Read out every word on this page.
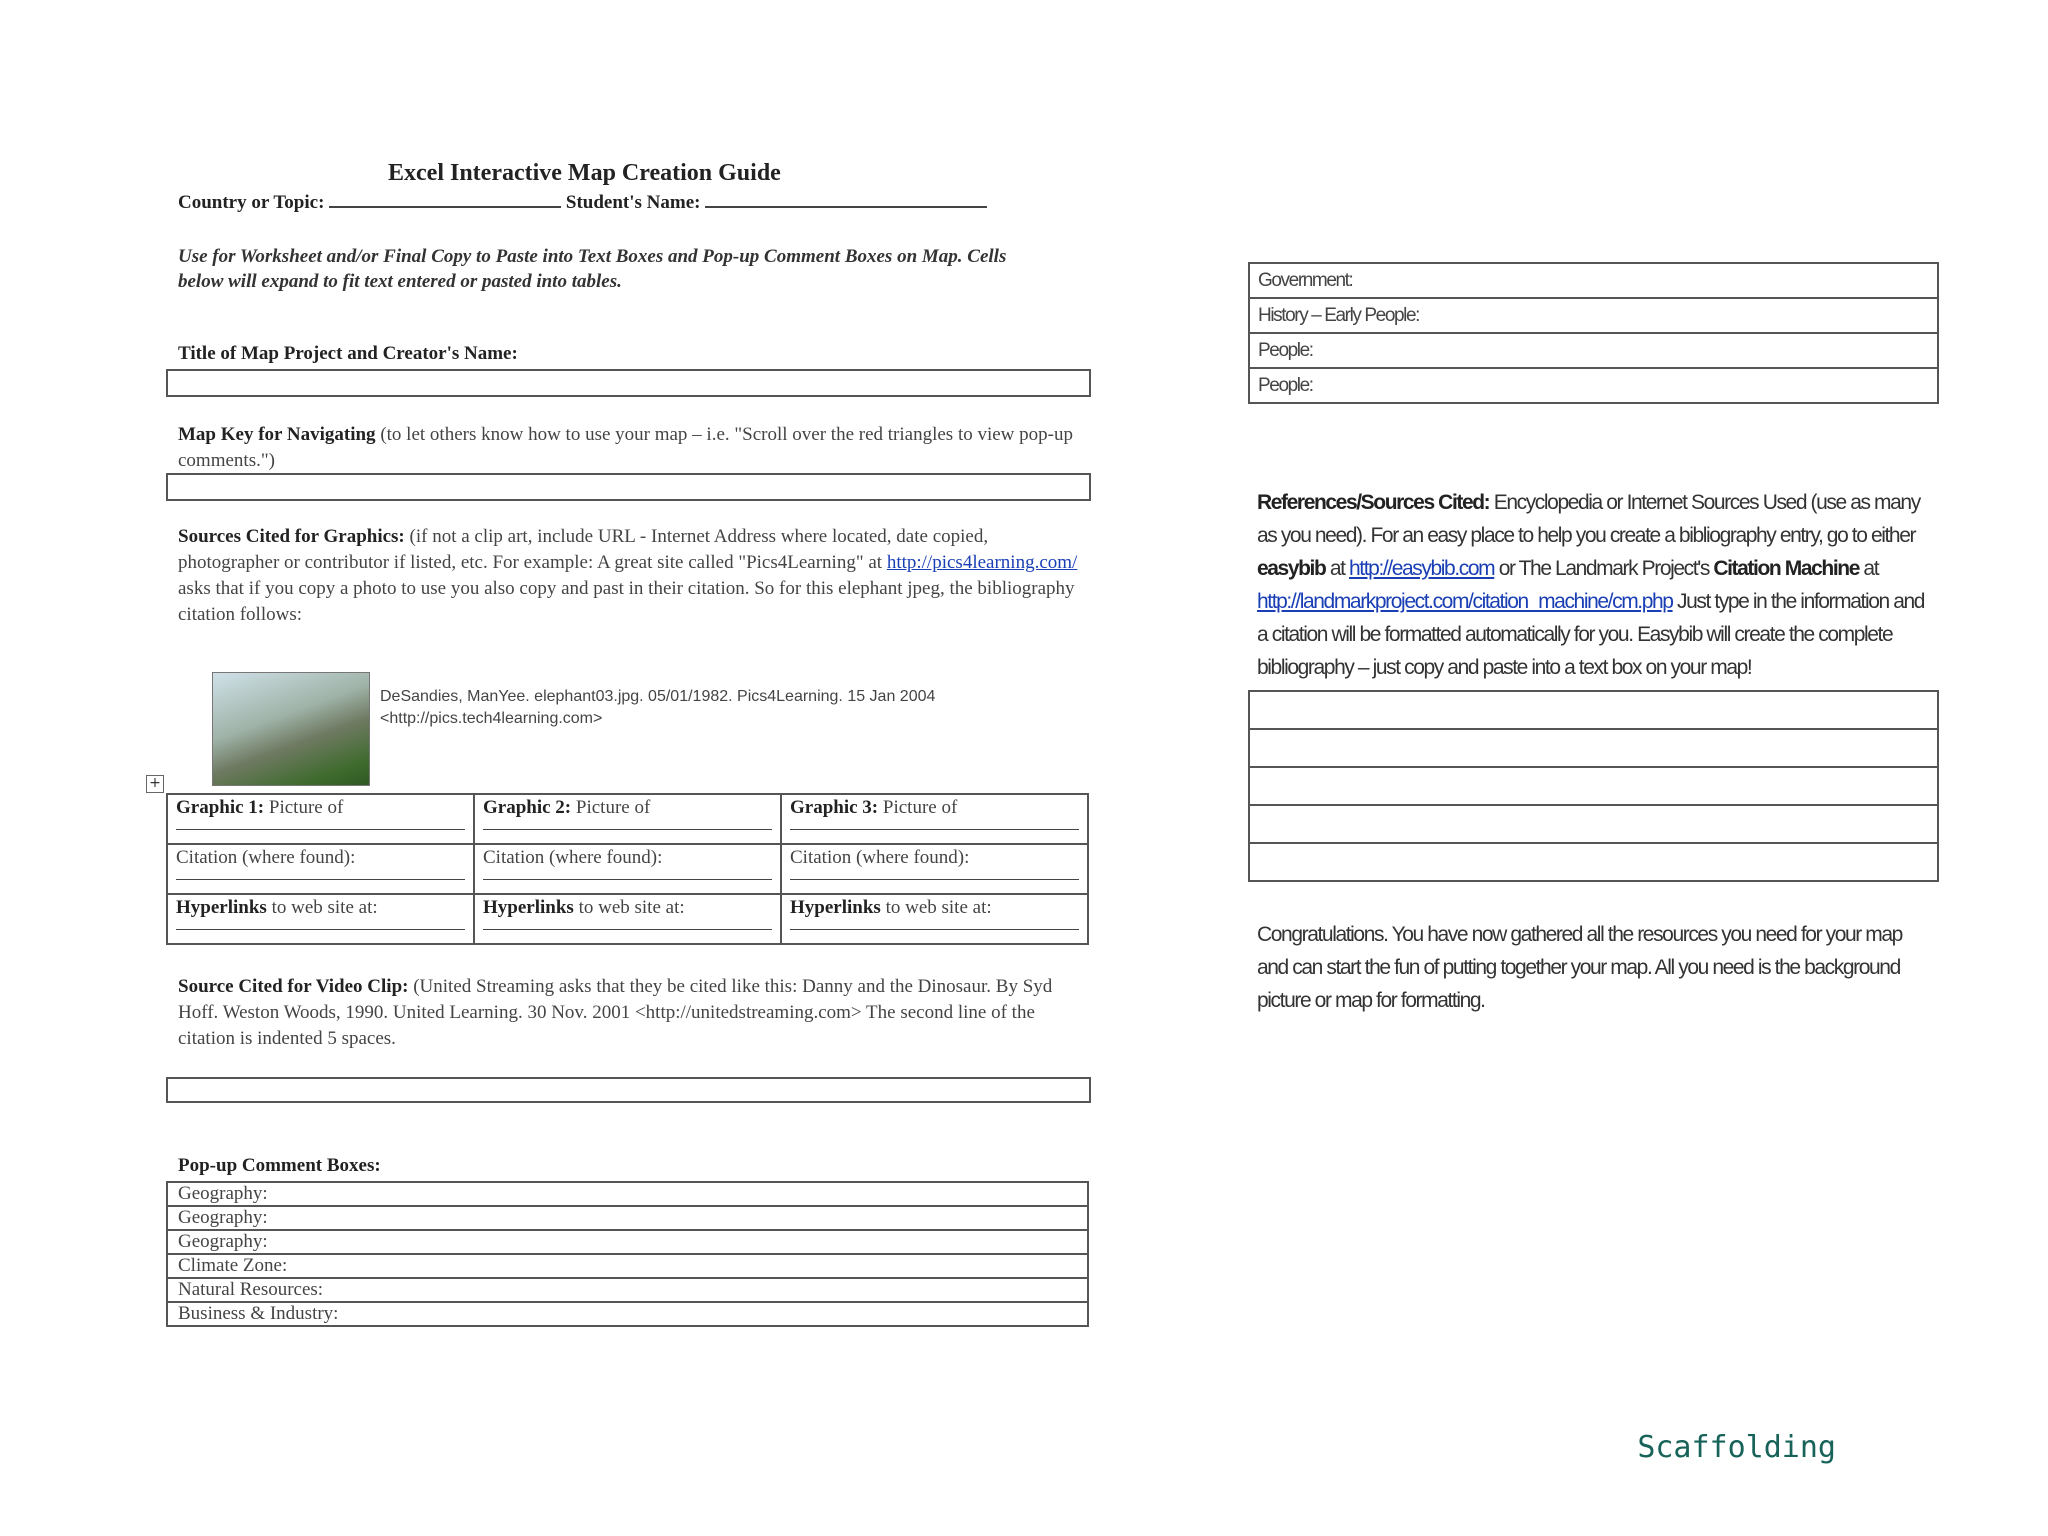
Excel Interactive Map Creation Guide
Country or Topic:	Student's Name:
Use for Worksheet and/or Final Copy to Paste into Text Boxes and Pop-up Comment Boxes on Map. Cells below will expand to fit text entered or pasted into tables.
Title of Map Project and Creator's Name:
Map Key for Navigating (to let others know how to use your map – i.e. "Scroll over the red triangles to view pop-up comments.")
Sources Cited for Graphics: (if not a clip art, include URL - Internet Address where located, date copied, photographer or contributor if listed, etc. For example: A great site called "Pics4Learning" at http://pics4learning.com/ asks that if you copy a photo to use you also copy and past in their citation. So for this elephant jpeg, the bibliography citation follows:
DeSandies, ManYee. elephant03.jpg. 05/01/1982. Pics4Learning. 15 Jan 2004 <http://pics.tech4learning.com>
+
Graphic 1: Picture of	Graphic 2: Picture of	Graphic 3: Picture of

Citation (where found):	Citation (where found):	Citation (where found):

Hyperlinks to web site at:	Hyperlinks to web site at:	Hyperlinks to web site at:
Source Cited for Video Clip: (United Streaming asks that they be cited like this: Danny and the Dinosaur. By Syd Hoff. Weston Woods, 1990. United Learning. 30 Nov. 2001 <http://unitedstreaming.com> The second line of the citation is indented 5 spaces.
Pop-up Comment Boxes:
Geography:
Geography:
Geography:
Climate Zone:
Natural Resources:
Business & Industry:
Government:
History – Early People:
People:
People:
References/Sources Cited: Encyclopedia or Internet Sources Used (use as many as you need). For an easy place to help you create a bibliography entry, go to either easybib at http://easybib.com or The Landmark Project's Citation Machine at http://landmarkproject.com/citation_machine/cm.php Just type in the information and a citation will be formatted automatically for you. Easybib will create the complete bibliography – just copy and paste into a text box on your map!

Congratulations. You have now gathered all the resources you need for your map and can start the fun of putting together your map. All you need is the background picture or map for formatting.
Scaffolding
